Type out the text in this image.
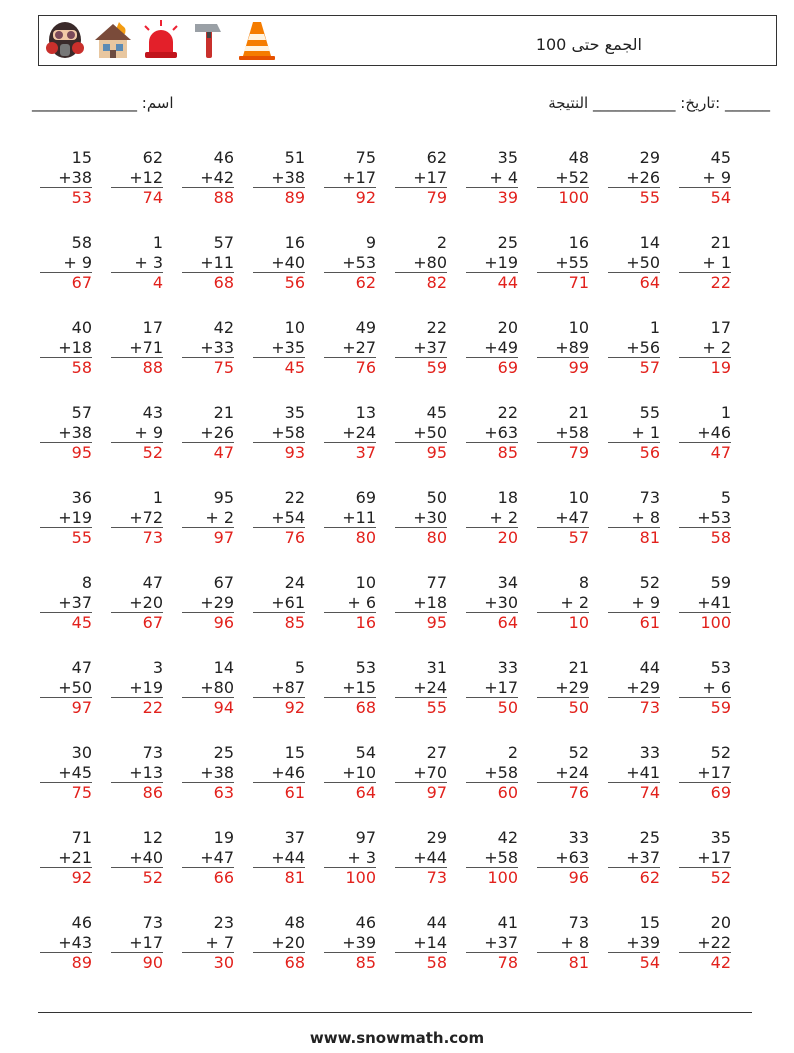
الجمع حتى 100
اسم: ______________	______ :تاريخ: ___________ النتيجة
15
+38
53
62
+12
74
46
+42
88
51
+38
89
75
+17
92
62
+17
79
35
+ 4
39
48
+52
100
29
+26
55
45
+ 9
54
58
+ 9
67
1
+ 3
4
57
+11
68
16
+40
56
9
+53
62
2
+80
82
25
+19
44
16
+55
71
14
+50
64
21
+ 1
22
40
+18
58
17
+71
88
42
+33
75
10
+35
45
49
+27
76
22
+37
59
20
+49
69
10
+89
99
1
+56
57
17
+ 2
19
57
+38
95
43
+ 9
52
21
+26
47
35
+58
93
13
+24
37
45
+50
95
22
+63
85
21
+58
79
55
+ 1
56
1
+46
47
36
+19
55
1
+72
73
95
+ 2
97
22
+54
76
69
+11
80
50
+30
80
18
+ 2
20
10
+47
57
73
+ 8
81
5
+53
58
8
+37
45
47
+20
67
67
+29
96
24
+61
85
10
+ 6
16
77
+18
95
34
+30
64
8
+ 2
10
52
+ 9
61
59
+41
100
47
+50
97
3
+19
22
14
+80
94
5
+87
92
53
+15
68
31
+24
55
33
+17
50
21
+29
50
44
+29
73
53
+ 6
59
30
+45
75
73
+13
86
25
+38
63
15
+46
61
54
+10
64
27
+70
97
2
+58
60
52
+24
76
33
+41
74
52
+17
69
71
+21
92
12
+40
52
19
+47
66
37
+44
81
97
+ 3
100
29
+44
73
42
+58
100
33
+63
96
25
+37
62
35
+17
52
46
+43
89
73
+17
90
23
+ 7
30
48
+20
68
46
+39
85
44
+14
58
41
+37
78
73
+ 8
81
15
+39
54
20
+22
42
www.snowmath.com
